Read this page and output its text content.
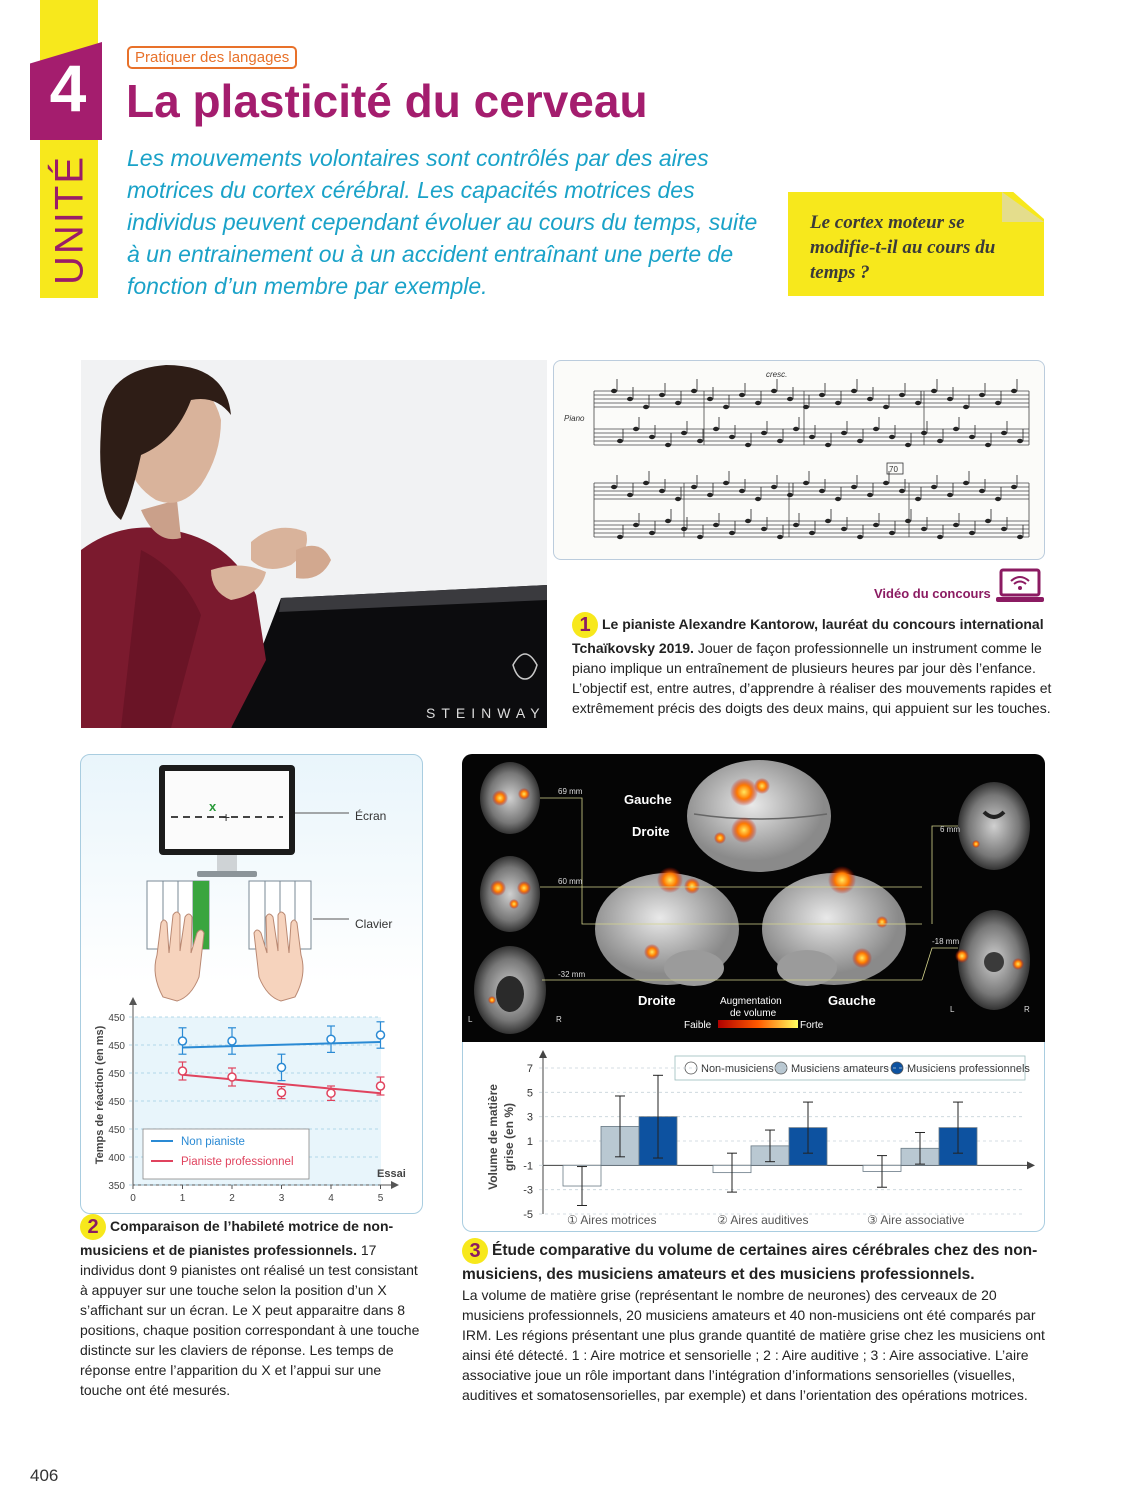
4
UNITÉ
Pratiquer des langages
La plasticité du cerveau
Les mouvements volontaires sont contrôlés par des aires motrices du cortex cérébral. Les capacités motrices des individus peuvent cependant évoluer au cours du temps, suite à un entrainement ou à un accident entraînant une perte de fonction d’un membre par exemple.
Le cortex moteur se modifie-t-il au cours du temps ?
STEINWAY
Piano
cresc.
70
Vidéo du concours
1 Le pianiste Alexandre Kantorow, lauréat du concours international Tchaïkovsky 2019. Jouer de façon professionnelle un instrument comme le piano implique un entraînement de plusieurs heures par jour dès l’enfance. L’objectif est, entre autres, d’apprendre à réaliser des mouvements rapides et extrêmement précis des doigts des deux mains, qui appuient sur les touches.
x
+	Écran
Clavier
350
400
450
450
450
450
450
0	1	2	3	4	5
Essai
Temps de réaction (en ms)	Non pianiste
Pianiste professionnel
2 Comparaison de l’habileté motrice de non-musiciens et de pianistes professionnels. 17 individus dont 9 pianistes ont réalisé un test consistant à appuyer sur une touche selon la position d’un X s’affichant sur un écran. Le X peut apparaitre dans 8 positions, chaque position correspondant à une touche distincte sur les claviers de réponse. Les temps de réponse entre l’apparition du X et l’appui sur une touche ont été mesurés.
69 mm
60 mm
-32 mm
6 mm
-18 mm
L	R
L	R
Gauche
Droite
Droite	Gauche
Augmentation
de volume
Faible	Forte
Non-musiciens Musiciens amateurs Musiciens professionnels
7
5
3
1
-1
-3
-5
Volume de matière grise (en %)
① Aires motrices	② Aires auditives	③ Aire associative
3 Étude comparative du volume de certaines aires cérébrales chez des non-musiciens, des musiciens amateurs et des musiciens professionnels.
La volume de matière grise (représentant le nombre de neurones) des cerveaux de 20 musiciens professionnels, 20 musiciens amateurs et 40 non-musiciens ont été comparés par IRM. Les régions présentant une plus grande quantité de matière grise chez les musiciens ont ainsi été détecté. 1 : Aire motrice et sensorielle ; 2 : Aire auditive ; 3 : Aire associative. L’aire associative joue un rôle important dans l’intégration d’informations sensorielles (visuelles, auditives et somatosensorielles, par exemple) et dans l’orientation des opérations motrices.
406
